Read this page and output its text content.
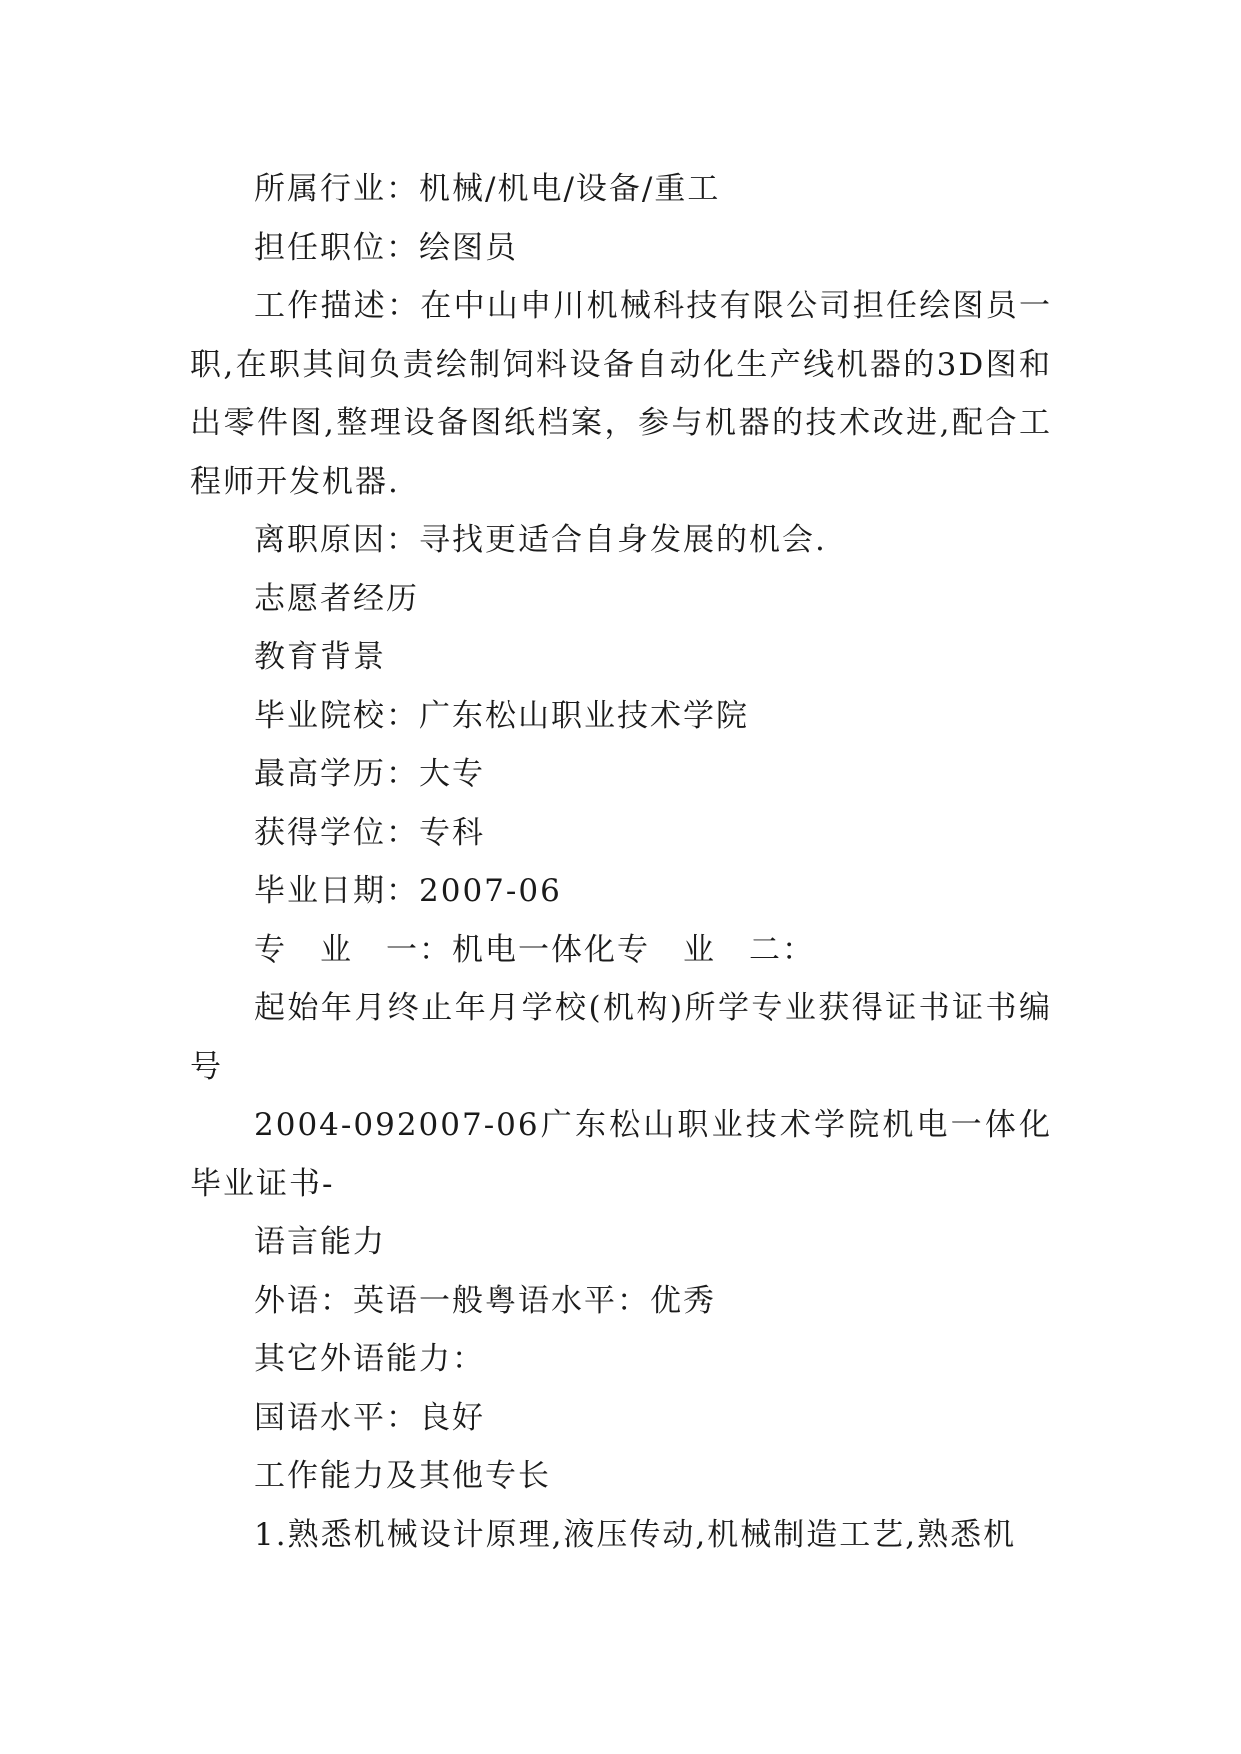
所属行业：机械/机电/设备/重工

担任职位：绘图员

工作描述：在中山申川机械科技有限公司担任绘图员一职,在职其间负责绘制饲料设备自动化生产线机器的3D图和出零件图,整理设备图纸档案，参与机器的技术改进,配合工程师开发机器.

离职原因：寻找更适合自身发展的机会.

志愿者经历

教育背景

毕业院校：广东松山职业技术学院

最高学历：大专

获得学位：专科

毕业日期：2007-06

专　业　一：机电一体化专　业　二：

起始年月终止年月学校(机构)所学专业获得证书证书编号

2004-092007-06广东松山职业技术学院机电一体化毕业证书-

语言能力

外语：英语一般粤语水平：优秀

其它外语能力：

国语水平：良好

工作能力及其他专长

1.熟悉机械设计原理,液压传动,机械制造工艺,熟悉机
